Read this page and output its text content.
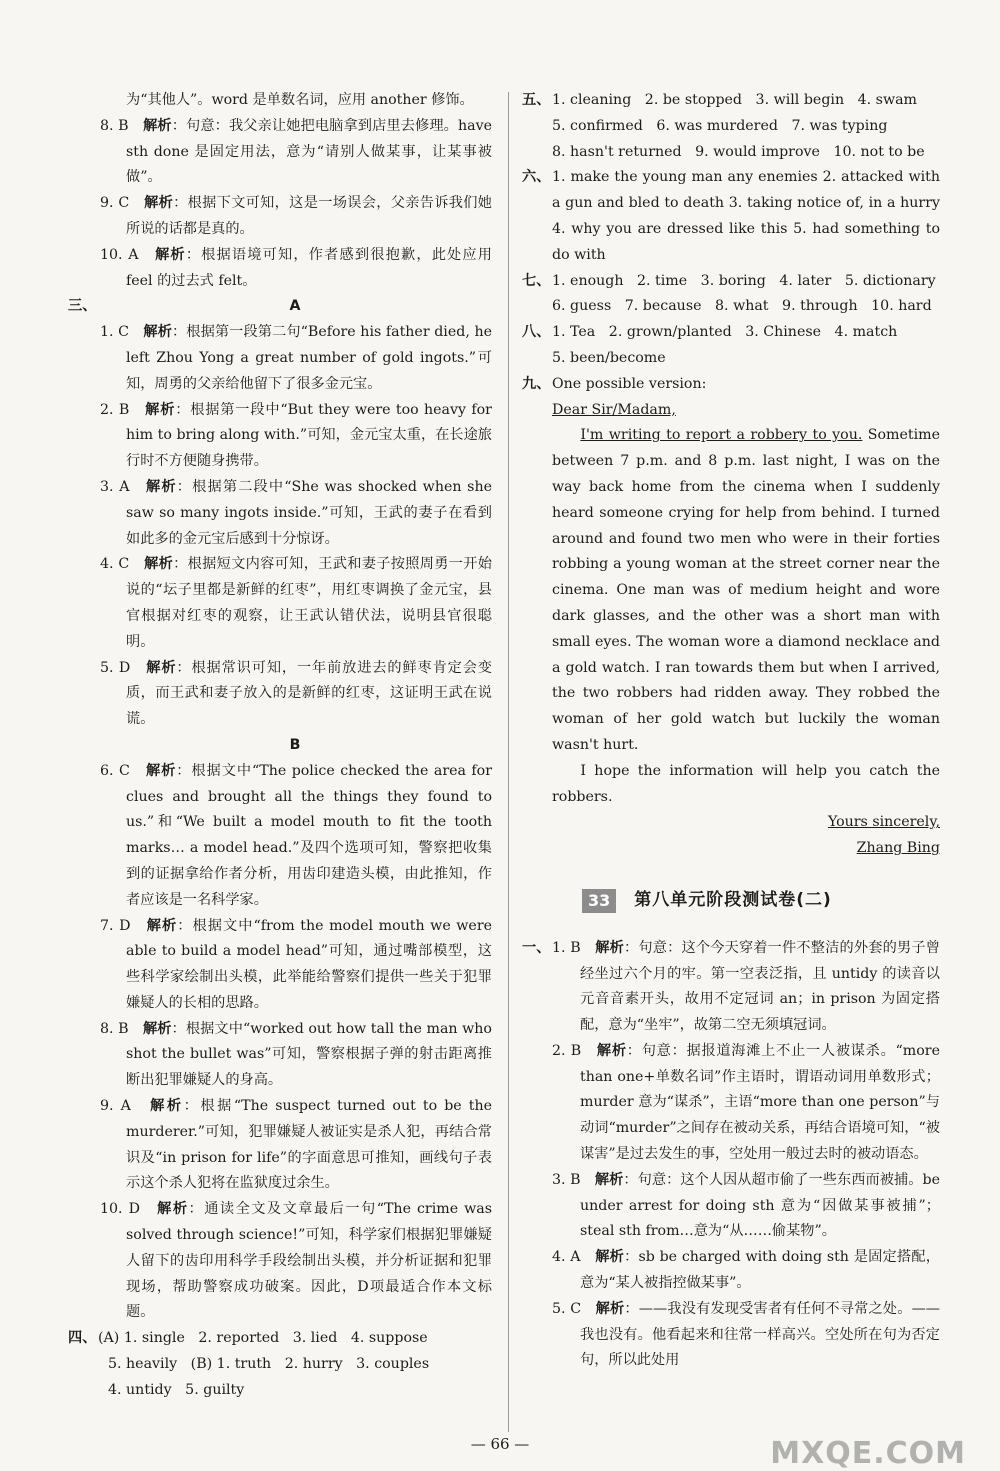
为“其他人”。word 是单数名词，应用 another 修饰。

8. B　 解析：句意：我父亲让她把电脑拿到店里去修理。have sth done 是固定用法，意为“请别人做某事，让某事被做”。

9. C　 解析：根据下文可知，这是一场误会，父亲告诉我们她所说的话都是真的。

10. A　 解析：根据语境可知，作者感到很抱歉，此处应用 feel 的过去式 felt。

三、	A

1. C　 解析：根据第一段第二句“Before his father died, he left Zhou Yong a great number of gold ingots.”可知，周勇的父亲给他留下了很多金元宝。

2. B　 解析：根据第一段中“But they were too heavy for him to bring along with.”可知，金元宝太重，在长途旅行时不方便随身携带。

3. A　 解析：根据第二段中“She was shocked when she saw so many ingots inside.”可知，王武的妻子在看到如此多的金元宝后感到十分惊讶。

4. C　 解析：根据短文内容可知，王武和妻子按照周勇一开始说的“坛子里都是新鲜的红枣”，用红枣调换了金元宝，县官根据对红枣的观察，让王武认错伏法，说明县官很聪明。

5. D　 解析：根据常识可知，一年前放进去的鲜枣肯定会变质，而王武和妻子放入的是新鲜的红枣，这证明王武在说谎。

B

6. C　 解析：根据文中“The police checked the area for clues and brought all the things they found to us.”和“We built a model mouth to fit the tooth marks… a model head.”及四个选项可知，警察把收集到的证据拿给作者分析，用齿印建造头模，由此推知，作者应该是一名科学家。

7. D　 解析：根据文中“from the model mouth we were able to build a model head”可知，通过嘴部模型，这些科学家绘制出头模，此举能给警察们提供一些关于犯罪嫌疑人的长相的思路。

8. B　 解析：根据文中“worked out how tall the man who shot the bullet was”可知，警察根据子弹的射击距离推断出犯罪嫌疑人的身高。

9. A　 解析：根据“The suspect turned out to be the murderer.”可知，犯罪嫌疑人被证实是杀人犯，再结合常识及“in prison for life”的字面意思可推知，画线句子表示这个杀人犯将在监狱度过余生。

10. D　 解析：通读全文及文章最后一句“The crime was solved through science!”可知，科学家们根据犯罪嫌疑人留下的齿印用科学手段绘制出头模，并分析证据和犯罪现场，帮助警察成功破案。因此，D项最适合作本文标题。

四、 (A) 1. single   2. reported   3. lied   4. suppose

5. heavily   (B) 1. truth   2. hurry   3. couples

4. untidy   5. guilty

五、 1. cleaning   2. be stopped   3. will begin   4. swam

5. confirmed   6. was murdered   7. was typing

8. hasn't returned   9. would improve   10. not to be

六、 1. make the young man any enemies 2. attacked with a gun and bled to death 3. taking notice of, in a hurry 4. why you are dressed like this 5. had something to do with

七、 1. enough   2. time   3. boring   4. later   5. dictionary

6. guess   7. because   8. what   9. through   10. hard

八、 1. Tea   2. grown/planted   3. Chinese   4. match

5. been/become

九、 One possible version:

Dear Sir/Madam,

I'm writing to report a robbery to you. Sometime between 7 p.m. and 8 p.m. last night, I was on the way back home from the cinema when I suddenly heard someone crying for help from behind. I turned around and found two men who were in their forties robbing a young woman at the street corner near the cinema. One man was of medium height and wore dark glasses, and the other was a short man with small eyes. The woman wore a diamond necklace and a gold watch. I ran towards them but when I arrived, the two robbers had ridden away. They robbed the woman of her gold watch but luckily the woman wasn't hurt.

I hope the information will help you catch the robbers.

Yours sincerely,

Zhang Bing

33	第八单元阶段测试卷(二)
一、 1. B　 解析：句意：这个今天穿着一件不整洁的外套的男子曾经坐过六个月的牢。第一空表泛指，且 untidy 的读音以元音音素开头，故用不定冠词 an；in prison 为固定搭配，意为“坐牢”，故第二空无须填冠词。

2. B　 解析：句意：据报道海滩上不止一人被谋杀。“more than one+单数名词”作主语时，谓语动词用单数形式；murder 意为“谋杀”，主语“more than one person”与动词“murder”之间存在被动关系，再结合语境可知，“被谋害”是过去发生的事，空处用一般过去时的被动语态。

3. B　 解析：句意：这个人因从超市偷了一些东西而被捕。be under arrest for doing sth 意为“因做某事被捕”；steal sth from…意为“从……偷某物”。

4. A　 解析：sb be charged with doing sth 是固定搭配，意为“某人被指控做某事”。

5. C　 解析：——我没有发现受害者有任何不寻常之处。——我也没有。他看起来和往常一样高兴。空处所在句为否定句，所以此处用

— 66 —	MXQE.COM
